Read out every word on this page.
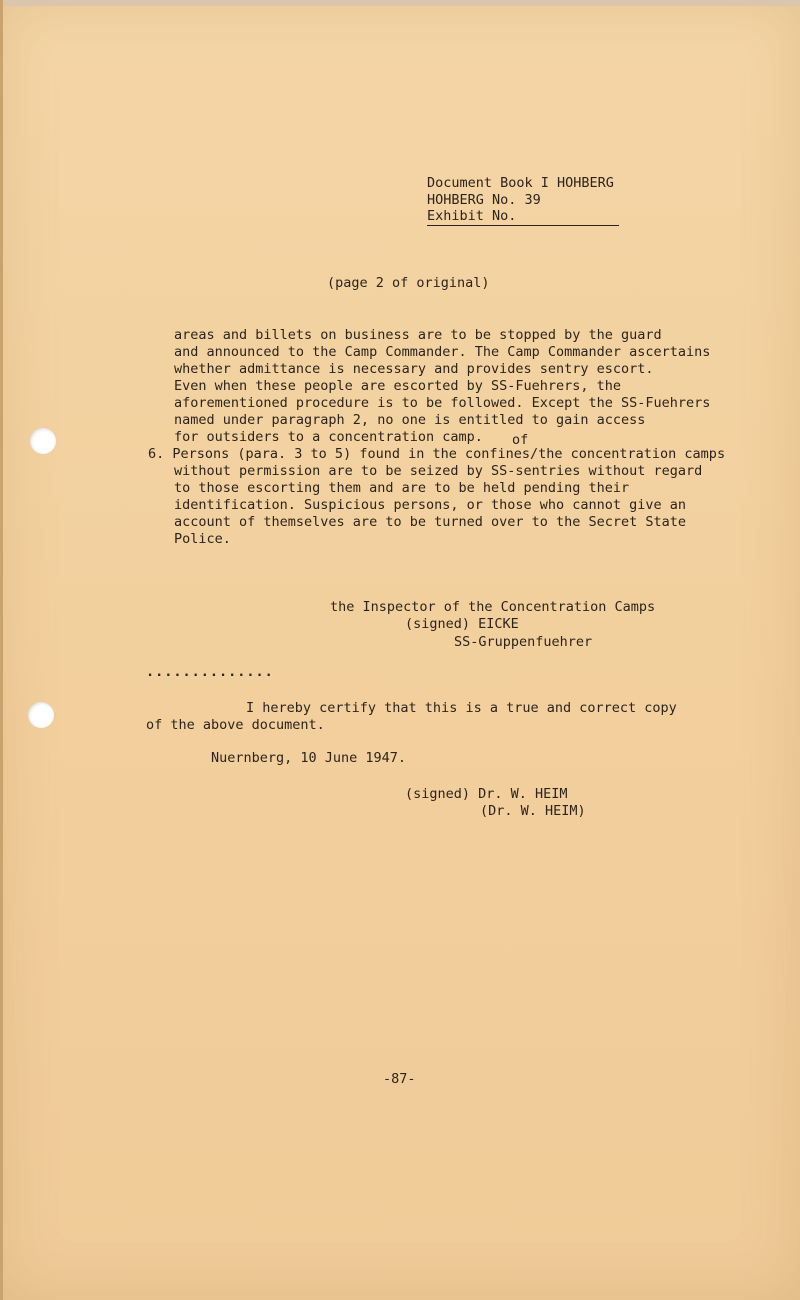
Document Book I HOHBERG
HOHBERG No. 39
Exhibit No.
(page 2 of original)
areas and billets on business are to be stopped by the guard
and announced to the Camp Commander. The Camp Commander ascertains
whether admittance is necessary and provides sentry escort.
Even when these people are escorted by SS-Fuehrers, the
aforementioned procedure is to be followed. Except the SS-Fuehrers
named under paragraph 2, no one is entitled to gain access
for outsiders to a concentration camp. of
6. Persons (para. 3 to 5) found in the confines/the concentration camps
without permission are to be seized by SS-sentries without regard
to those escorting them and are to be held pending their
identification. Suspicious persons, or those who cannot give an
account of themselves are to be turned over to the Secret State
Police.
the Inspector of the Concentration Camps
(signed) EICKE
SS-Gruppenfuehrer
..............
I hereby certify that this is a true and correct copy
of the above document.
Nuernberg, 10 June 1947.
(signed) Dr. W. HEIM
(Dr. W. HEIM)
-87-
